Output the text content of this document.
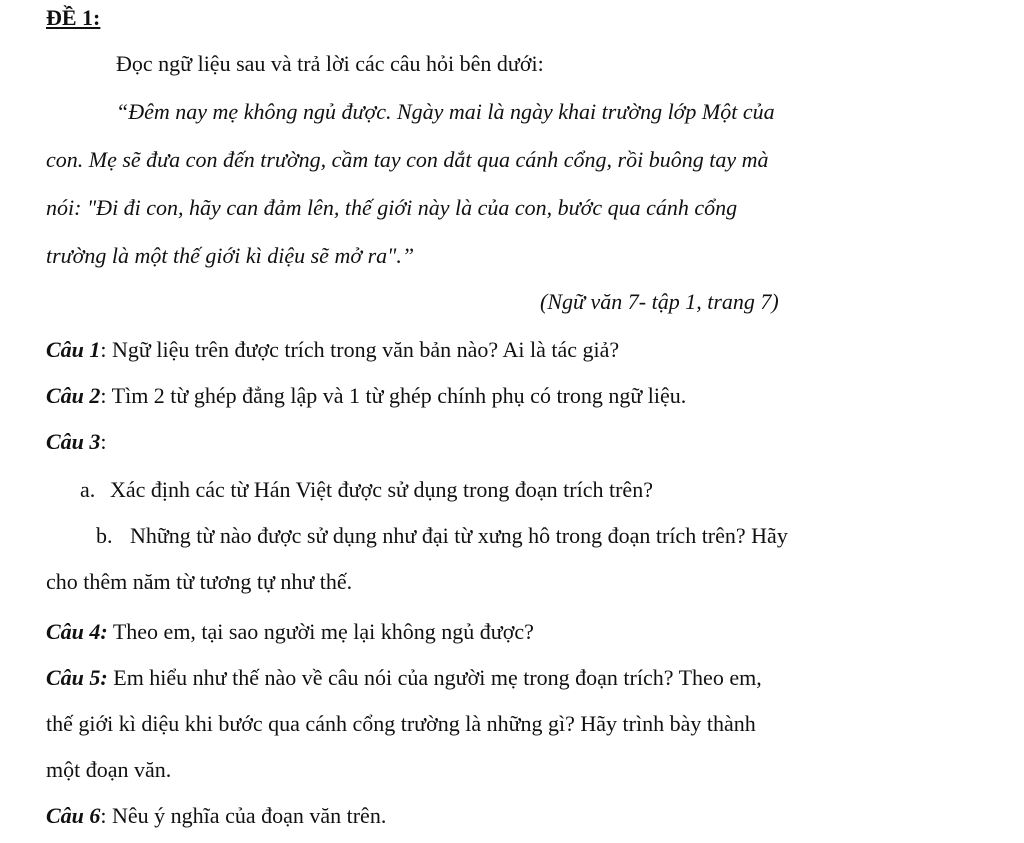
ĐỀ 1:
Đọc ngữ liệu sau và trả lời các câu hỏi bên dưới:
“Đêm nay mẹ không ngủ được. Ngày mai là ngày khai trường lớp Một của
con. Mẹ sẽ đưa con đến trường, cầm tay con dắt qua cánh cổng, rồi buông tay mà
nói: "Đi đi con, hãy can đảm lên, thế giới này là của con, bước qua cánh cổng
trường là một thế giới kì diệu sẽ mở ra".”
(Ngữ văn 7- tập 1, trang 7)
Câu 1: Ngữ liệu trên được trích trong văn bản nào? Ai là tác giả?
Câu 2: Tìm 2 từ ghép đẳng lập và 1 từ ghép chính phụ có trong ngữ liệu.
Câu 3:
a. Xác định các từ Hán Việt được sử dụng trong đoạn trích trên?
b. Những từ nào được sử dụng như đại từ xưng hô trong đoạn trích trên? Hãy
cho thêm năm từ tương tự như thế.
Câu 4: Theo em, tại sao người mẹ lại không ngủ được?
Câu 5: Em hiểu như thế nào về câu nói của người mẹ trong đoạn trích? Theo em,
thế giới kì diệu khi bước qua cánh cổng trường là những gì? Hãy trình bày thành
một đoạn văn.
Câu 6: Nêu ý nghĩa của đoạn văn trên.
